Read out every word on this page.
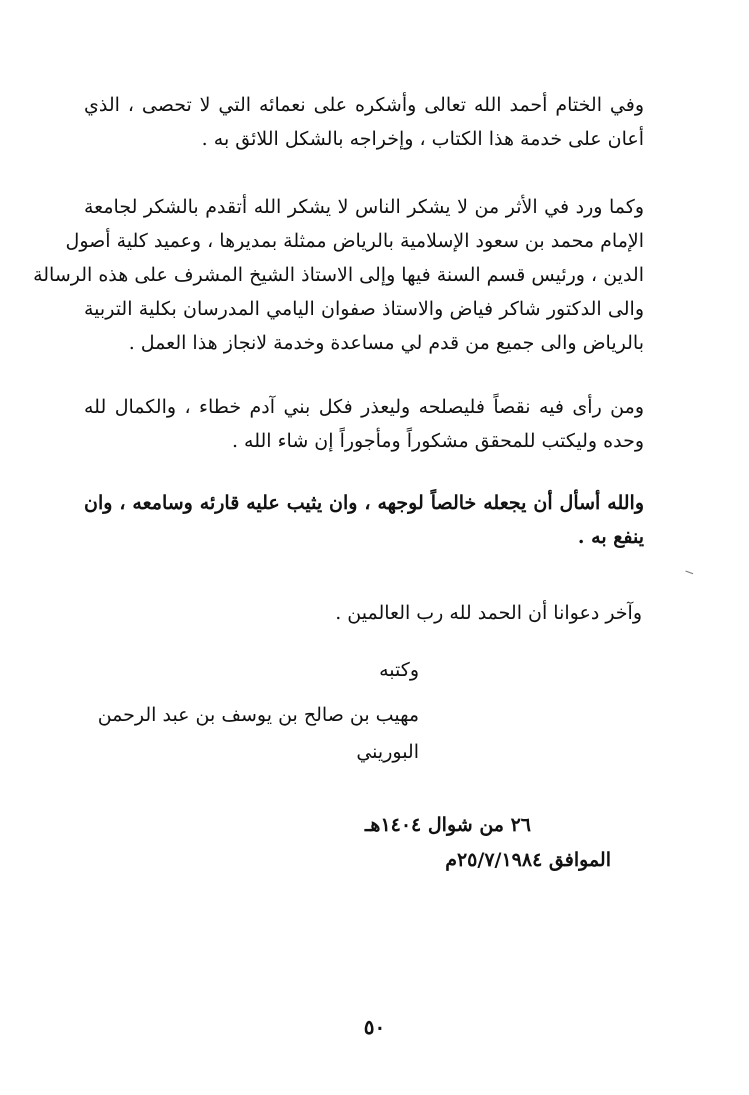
وفي الختام أحمد الله تعالى وأشكره على نعمائه التي لا تحصى ، الذي
أعان على خدمة هذا الكتاب ، وإخراجه بالشكل اللائق به .
وكما ورد في الأثر من لا يشكر الناس لا يشكر الله أتقدم بالشكر لجامعة
الإمام محمد بن سعود الإسلامية بالرياض ممثلة بمديرها ، وعميد كلية أصول
الدين ، ورئيس قسم السنة فيها وإلى الاستاذ الشيخ المشرف على هذه الرسالة
والى الدكتور شاكر فياض والاستاذ صفوان اليامي المدرسان بكلية التربية
بالرياض والى جميع من قدم لي مساعدة وخدمة لانجاز هذا العمل .
ومن رأى فيه نقصاً فليصلحه وليعذر فكل بني آدم خطاء ، والكمال لله
وحده وليكتب للمحقق مشكوراً ومأجوراً إن شاء الله .
والله أسأل أن يجعله خالصاً لوجهه ، وان يثيب عليه قارئه وسامعه ، وان
ينفع به .
وآخر دعوانا أن الحمد لله رب العالمين .
وكتبه
مهيب بن صالح بن يوسف بن عبد الرحمن
البوريني
٢٦ من شوال ١٤٠٤هـ
الموافق ٢٥/٧/١٩٨٤م
٥٠
